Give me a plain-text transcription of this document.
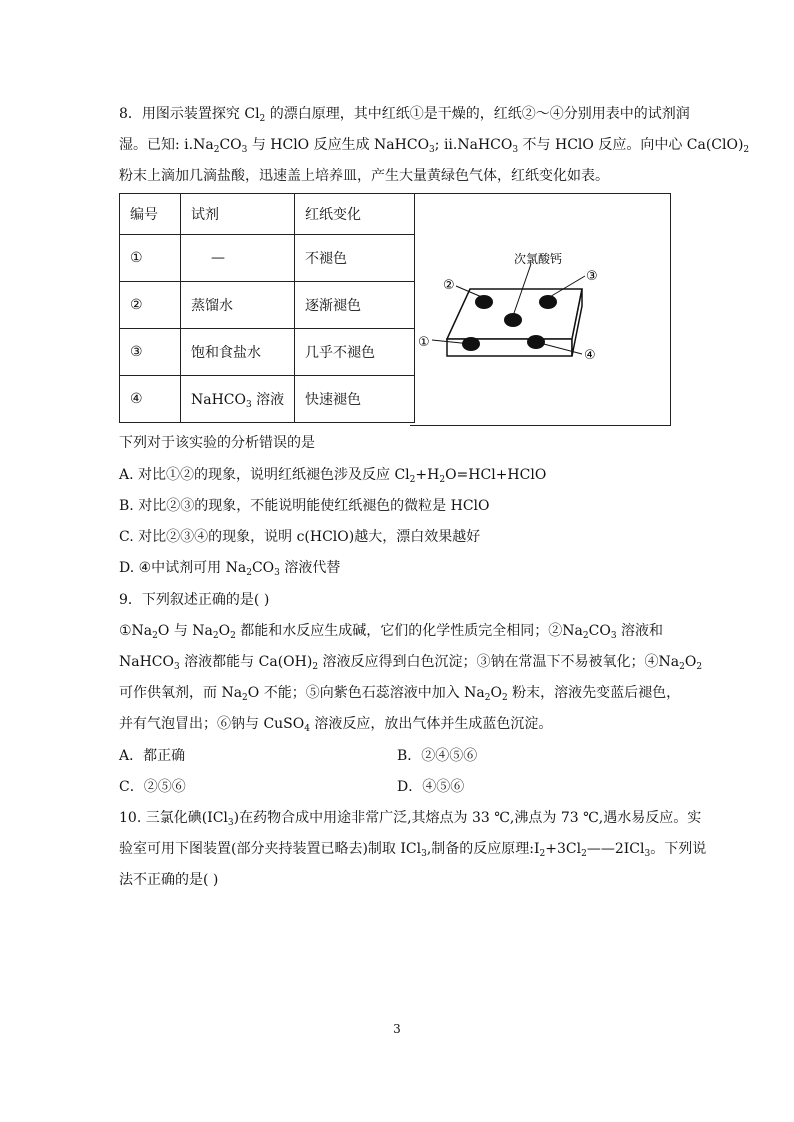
8．用图示装置探究 $Cl_2$ 的漂白原理，其中红纸①是干燥的，红纸②～④分别用表中的试剂润
湿。已知: $i.Na_2CO_3$ 与 HClO 反应生成 NaHCO$_3$; ii.NaHCO$_3$ 不与 HClO 反应。向中心 $Ca(ClO)_2$
粉末上滴加几滴盐酸，迅速盖上培养皿，产生大量黄绿色气体，红纸变化如表。
编号	试剂	红纸变化
①	—	不褪色
②	蒸馏水	逐渐褪色
③	饱和食盐水	几乎不褪色
④	NaHCO$_3$ 溶液	快速褪色
次氯酸钙
②
③
①
④
下列对于该实验的分析错误的是
A. 对比①②的现象，说明红纸褪色涉及反应 $Cl_2+H_2O=HCl+HClO$
B. 对比②③的现象，不能说明能使红纸褪色的微粒是 HClO
C. 对比②③④的现象，说明 c(HClO)越大，漂白效果越好
D. ④中试剂可用 $Na_2CO_3$ 溶液代替
9．下列叙述正确的是( )
$①Na_2O$ 与 $Na_2O_2$ 都能和水反应生成碱，它们的化学性质完全相同；$②Na_2CO_3$ 溶液和
NaHCO$_3$ 溶液都能与 $Ca(OH)_2$ 溶液反应得到白色沉淀；③钠在常温下不易被氧化；$④Na_2O_2$
可作供氧剂，而 $Na_2O$ 不能；⑤向紫色石蕊溶液中加入 $Na_2O_2$ 粉末，溶液先变蓝后褪色，
并有气泡冒出；⑥钠与 CuSO$_4$ 溶液反应，放出气体并生成蓝色沉淀。
A．都正确	B．②④⑤⑥
C．②⑤⑥	D．④⑤⑥
10. 三氯化碘(ICl$_3$)在药物合成中用途非常广泛,其熔点为 33 ℃,沸点为 73 ℃,遇水易反应。实
验室可用下图装置(部分夹持装置已略去)制取 ICl$_3$,制备的反应原理$:I_2+3Cl_2——2ICl_3$。下列说
法不正确的是( )
3
